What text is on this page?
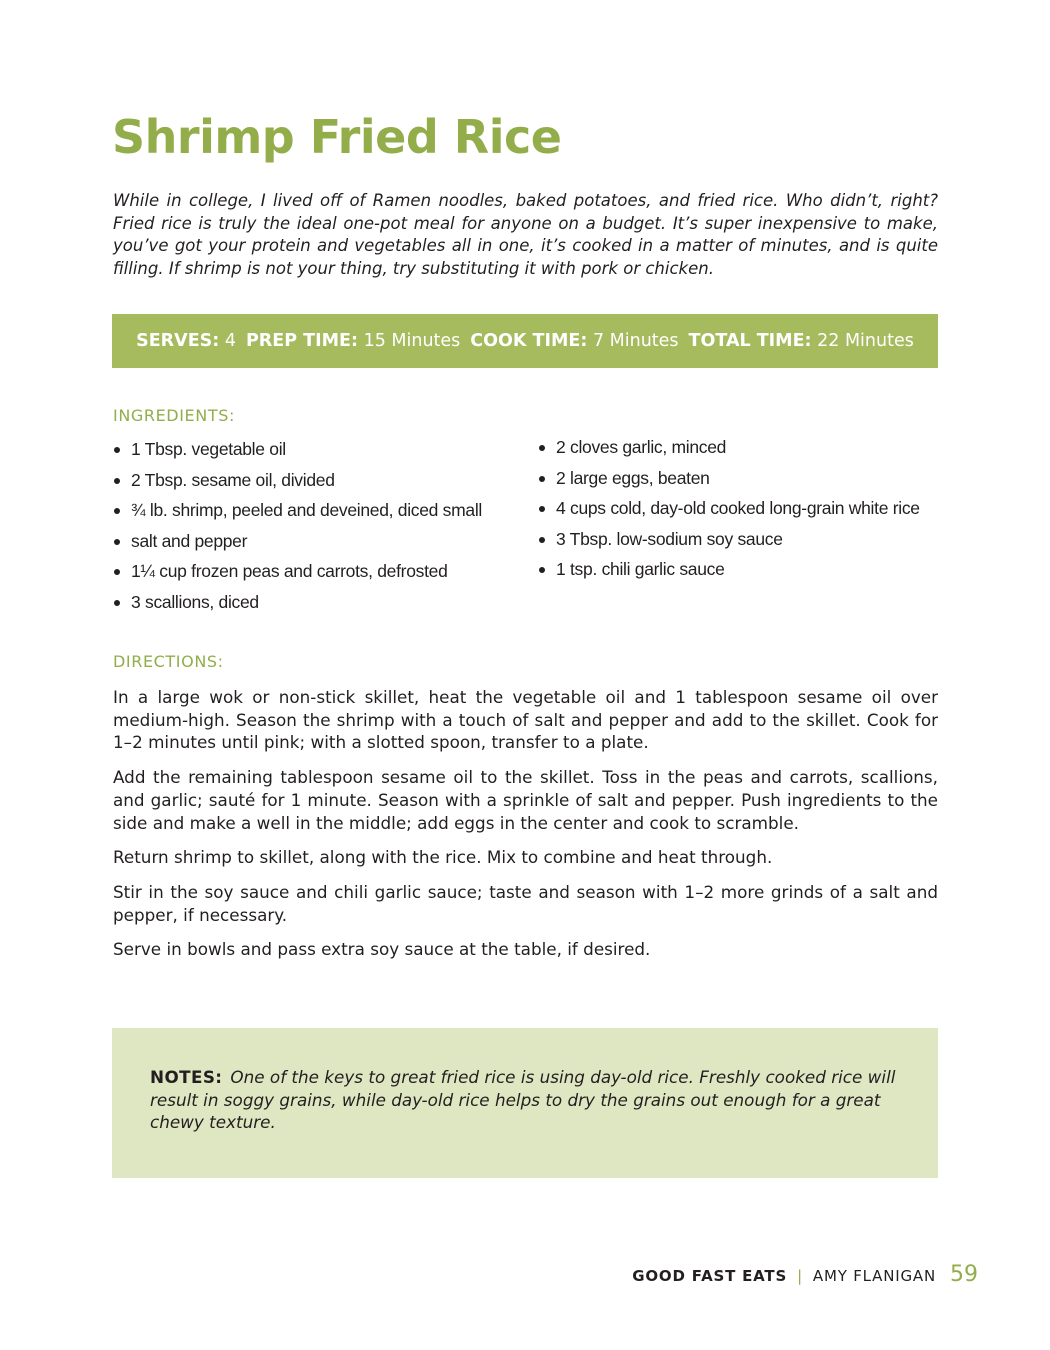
Shrimp Fried Rice

While in college, I lived off of Ramen noodles, baked potatoes, and fried rice. Who didn’t, right? Fried rice is truly the ideal one-pot meal for anyone on a budget. It’s super inexpensive to make, you’ve got your protein and vegetables all in one, it’s cooked in a matter of minutes, and is quite filling. If shrimp is not your thing, try substituting it with pork or chicken.

SERVES:
4 PREP TIME:
15 Minutes COOK TIME:
7 Minutes TOTAL TIME:
22 Minutes
INGREDIENTS:
1 Tbsp. vegetable oil
2 Tbsp. sesame oil, divided
¾ lb. shrimp, peeled and deveined, diced small
salt and pepper
1¼ cup frozen peas and carrots, defrosted
3 scallions, diced
2 cloves garlic, minced
2 large eggs, beaten
4 cups cold, day-old cooked long-grain white rice
3 Tbsp. low-sodium soy sauce
1 tsp. chili garlic sauce
DIRECTIONS:

In a large wok or non-stick skillet, heat the vegetable oil and 1 tablespoon sesame oil over medium-high. Season the shrimp with a touch of salt and pepper and add to the skillet. Cook for 1–2 minutes until pink; with a slotted spoon, transfer to a plate.

Add the remaining tablespoon sesame oil to the skillet. Toss in the peas and carrots, scallions, and garlic; sauté for 1 minute. Season with a sprinkle of salt and pepper. Push ingredients to the side and make a well in the middle; add eggs in the center and cook to scramble.

Return shrimp to skillet, along with the rice. Mix to combine and heat through.

Stir in the soy sauce and chili garlic sauce; taste and season with 1–2 more grinds of a salt and pepper, if necessary.

Serve in bowls and pass extra soy sauce at the table, if desired.

NOTES: One of the keys to great fried rice is using day-old rice. Freshly cooked rice will result in soggy grains, while day-old rice helps to dry the grains out enough for a great chewy texture.

GOOD FAST EATS | AMY FLANIGAN 59
